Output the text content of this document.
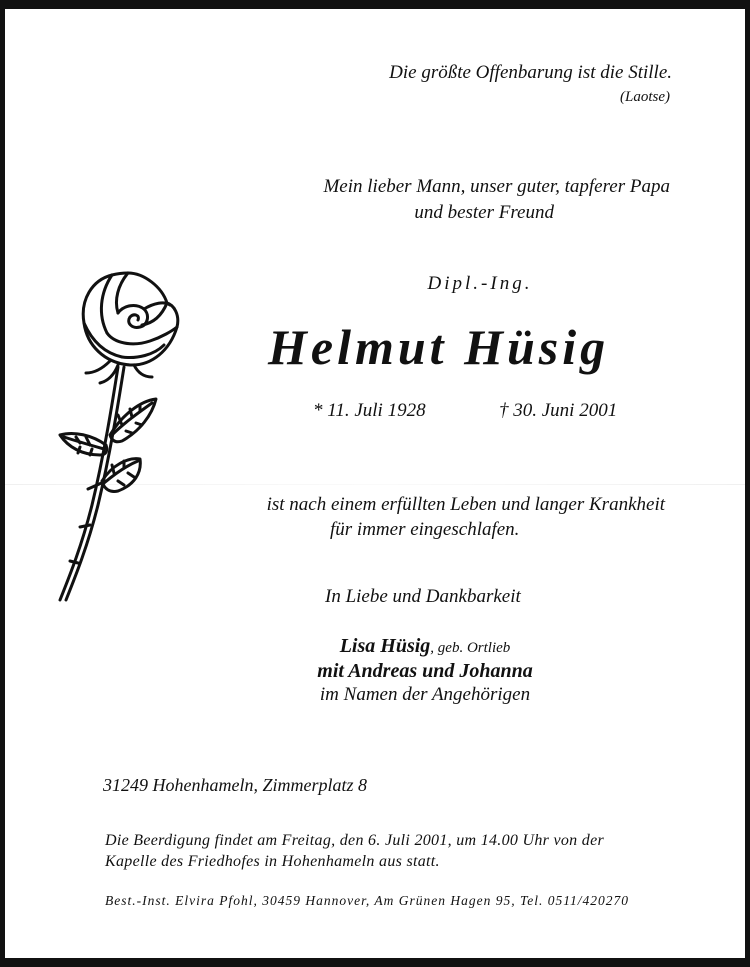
Die größte Offenbarung ist die Stille.
(Laotse)
Mein lieber Mann, unser guter, tapferer Papa
und bester Freund
Dipl.-Ing.
Helmut Hüsig
* 11. Juli 1928	† 30. Juni 2001
ist nach einem erfüllten Leben und langer Krankheit
für immer eingeschlafen.
In Liebe und Dankbarkeit
Lisa Hüsig, geb. Ortlieb
mit Andreas und Johanna
im Namen der Angehörigen
31249 Hohenhameln, Zimmerplatz 8
Die Beerdigung findet am Freitag, den 6. Juli 2001, um 14.00 Uhr von der
Kapelle des Friedhofes in Hohenhameln aus statt.
Best.-Inst. Elvira Pfohl, 30459 Hannover, Am Grünen Hagen 95, Tel. 0511/420270
